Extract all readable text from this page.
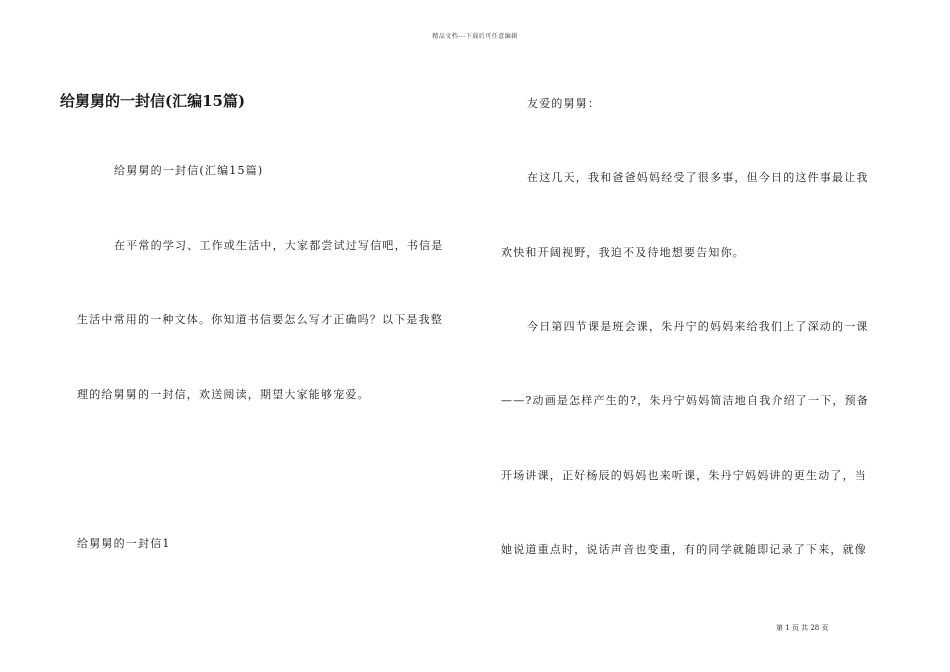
精品文档---下载后可任意编辑
给舅舅的一封信(汇编15篇)
给舅舅的一封信(汇编15篇)
在平常的学习、工作或生活中，大家都尝试过写信吧，书信是
生活中常用的一种文体。你知道书信要怎么写才正确吗？以下是我整
理的给舅舅的一封信，欢送阅读，期望大家能够宠爱。
给舅舅的一封信1
友爱的舅舅：
在这几天，我和爸爸妈妈经受了很多事，但今日的这件事最让我
欢快和开阔视野，我迫不及待地想要告知你。
今日第四节课是班会课，朱丹宁的妈妈来给我们上了深动的一课
——?动画是怎样产生的?，朱丹宁妈妈简洁地自我介绍了一下，预备
开场讲课，正好杨辰的妈妈也来听课，朱丹宁妈妈讲的更生动了，当
她说道重点时，说话声音也变重，有的同学就随即记录了下来，就像
第 1 页 共 28 页
